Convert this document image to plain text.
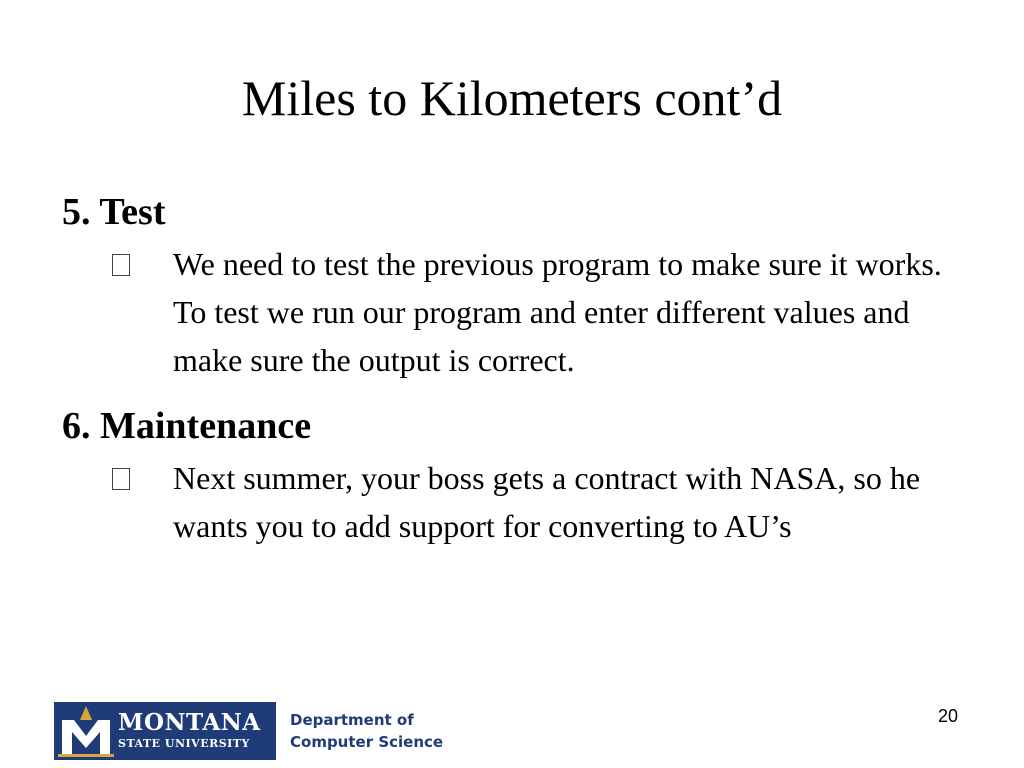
Miles to Kilometers cont’d
5. Test
We need to test the previous program to make sure it works. To test we run our program and enter different values and make sure the output is correct.
6. Maintenance
Next summer, your boss gets a contract with NASA, so he wants you to add support for converting to AU’s
20
MONTANA
STATE UNIVERSITY
Department of
Computer Science
